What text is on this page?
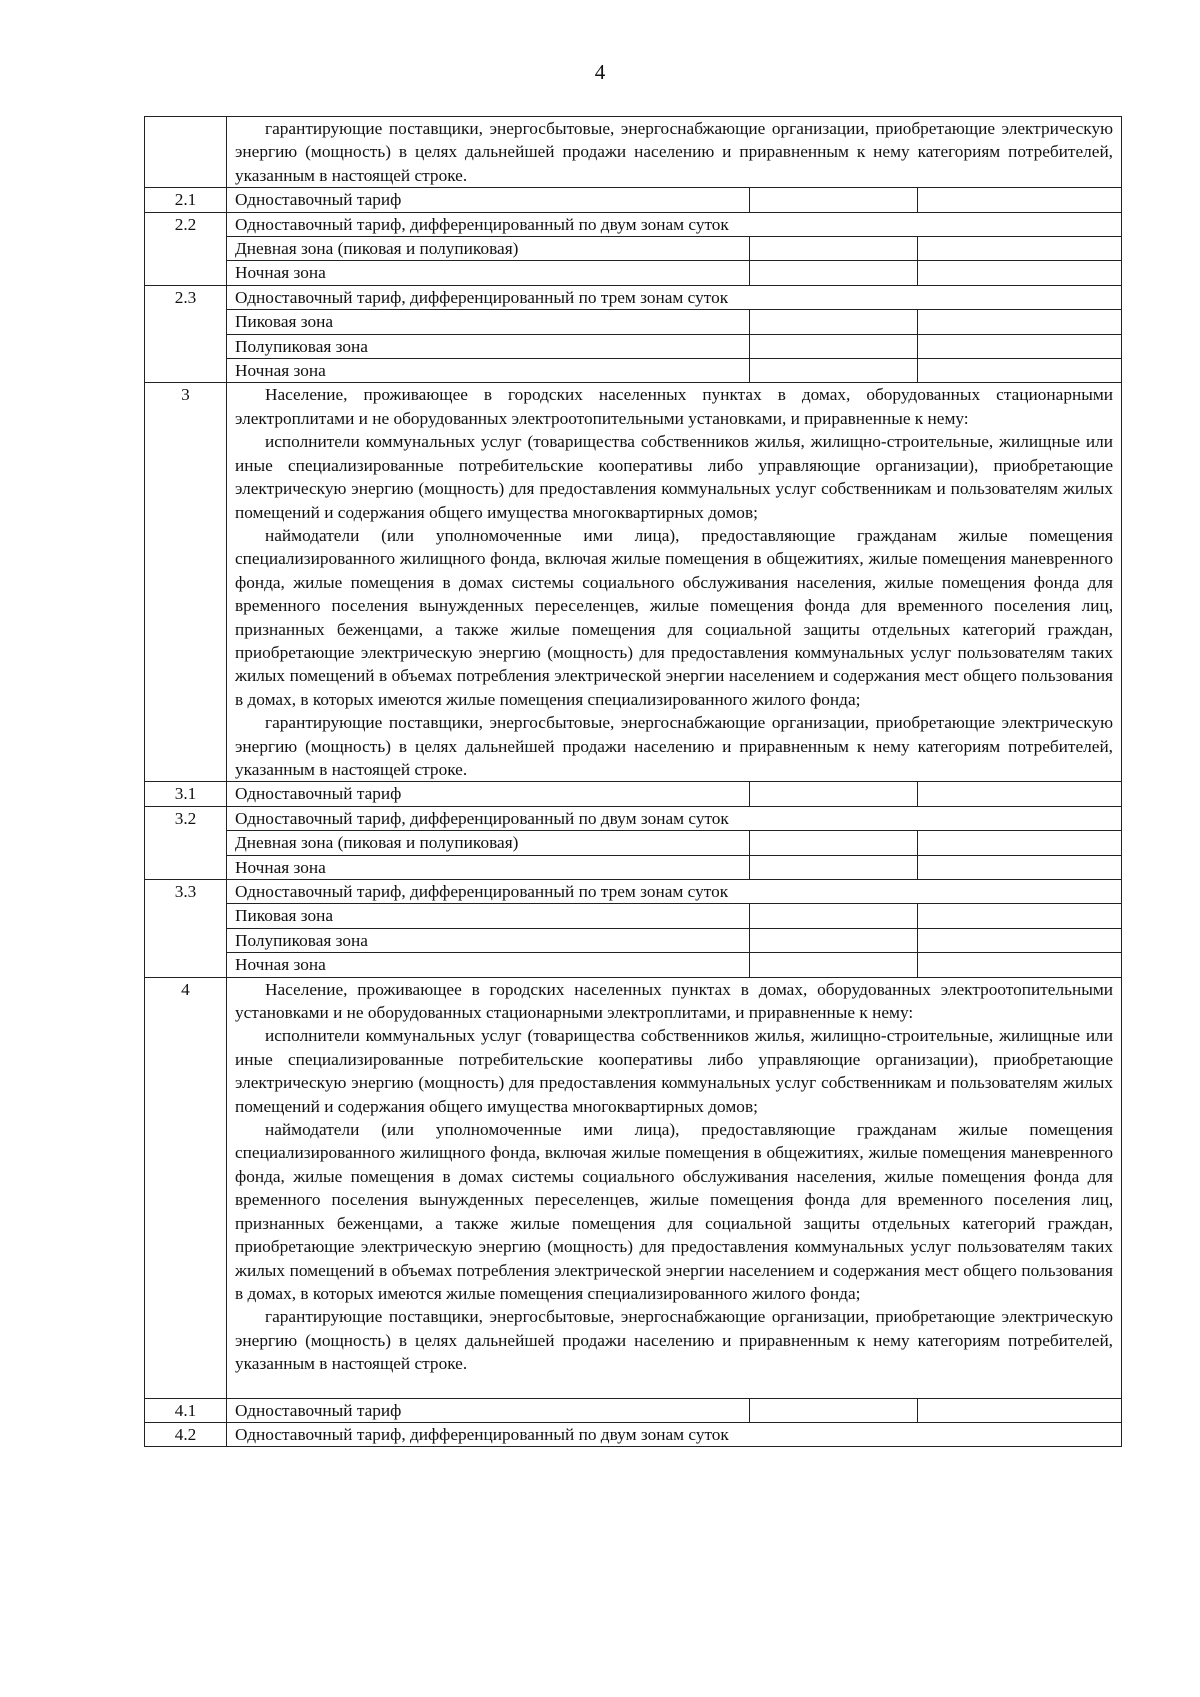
4

	гарантирующие поставщики, энергосбытовые, энергоснабжающие организации, приобретающие электрическую энергию (мощность) в целях дальнейшей продажи населению и приравненным к нему категориям потребителей, указанным в настоящей строке.		

2.1	Одноставочный тариф		
2.2	Одноставочный тариф, дифференцированный по двум зонам суток		
	Дневная зона (пиковая и полупиковая)		
	Ночная зона		
2.3	Одноставочный тариф, дифференцированный по трем зонам суток		
	Пиковая зона		
	Полупиковая зона		
	Ночная зона		
3	Население, проживающее в городских населенных пунктах в домах, оборудованных стационарными электроплитами и не оборудованных электроотопительными установками, и приравненные к нему:

исполнители коммунальных услуг (товарищества собственников жилья, жилищно-строительные, жилищные или иные специализированные потребительские кооперативы либо управляющие организации), приобретающие электрическую энергию (мощность) для предоставления коммунальных услуг собственникам и пользователям жилых помещений и содержания общего имущества многоквартирных домов;

наймодатели (или уполномоченные ими лица), предоставляющие гражданам жилые помещения специализированного жилищного фонда, включая жилые помещения в общежитиях, жилые помещения маневренного фонда, жилые помещения в домах системы социального обслуживания населения, жилые помещения фонда для временного поселения вынужденных переселенцев, жилые помещения фонда для временного поселения лиц, признанных беженцами, а также жилые помещения для социальной защиты отдельных категорий граждан, приобретающие электрическую энергию (мощность) для предоставления коммунальных услуг пользователям таких жилых помещений в объемах потребления электрической энергии населением и содержания мест общего пользования в домах, в которых имеются жилые помещения специализированного жилого фонда;

гарантирующие поставщики, энергосбытовые, энергоснабжающие организации, приобретающие электрическую энергию (мощность) в целях дальнейшей продажи населению и приравненным к нему категориям потребителей, указанным в настоящей строке.		

3.1	Одноставочный тариф		
3.2	Одноставочный тариф, дифференцированный по двум зонам суток		
	Дневная зона (пиковая и полупиковая)		
	Ночная зона		
3.3	Одноставочный тариф, дифференцированный по трем зонам суток		
	Пиковая зона		
	Полупиковая зона		
	Ночная зона		
4	Население, проживающее в городских населенных пунктах в домах, оборудованных электроотопительными установками и не оборудованных стационарными электроплитами, и приравненные к нему:

исполнители коммунальных услуг (товарищества собственников жилья, жилищно-строительные, жилищные или иные специализированные потребительские кооперативы либо управляющие организации), приобретающие электрическую энергию (мощность) для предоставления коммунальных услуг собственникам и пользователям жилых помещений и содержания общего имущества многоквартирных домов;

наймодатели (или уполномоченные ими лица), предоставляющие гражданам жилые помещения специализированного жилищного фонда, включая жилые помещения в общежитиях, жилые помещения маневренного фонда, жилые помещения в домах системы социального обслуживания населения, жилые помещения фонда для временного поселения вынужденных переселенцев, жилые помещения фонда для временного поселения лиц, признанных беженцами, а также жилые помещения для социальной защиты отдельных категорий граждан, приобретающие электрическую энергию (мощность) для предоставления коммунальных услуг пользователям таких жилых помещений в объемах потребления электрической энергии населением и содержания мест общего пользования в домах, в которых имеются жилые помещения специализированного жилого фонда;

гарантирующие поставщики, энергосбытовые, энергоснабжающие организации, приобретающие электрическую энергию (мощность) в целях дальнейшей продажи населению и приравненным к нему категориям потребителей, указанным в настоящей строке.		

4.1	Одноставочный тариф		
4.2	Одноставочный тариф, дифференцированный по двум зонам суток		
